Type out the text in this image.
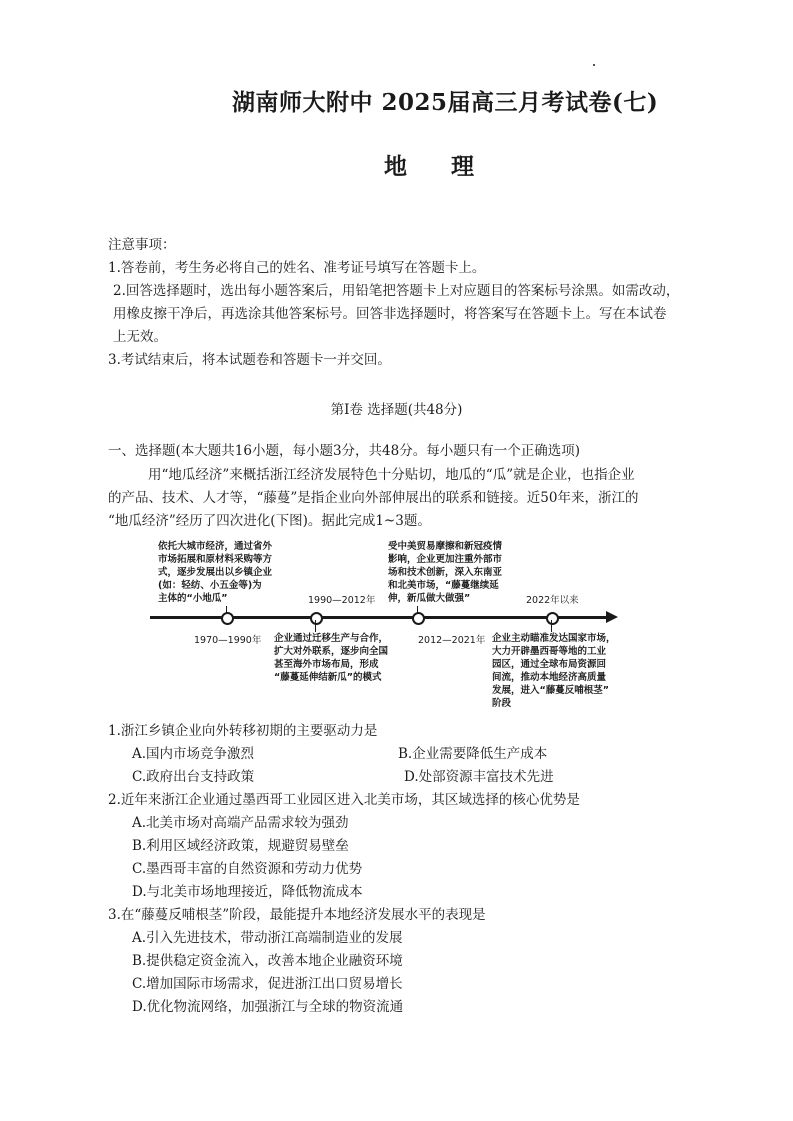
湖南师大附中 2025届高三月考试卷(七)
地理
注意事项：
1.答卷前，考生务必将自己的姓名、准考证号填写在答题卡上。
2.回答选择题时，选出每小题答案后，用铅笔把答题卡上对应题目的答案标号涂黑。如需改动，
用橡皮擦干净后，再选涂其他答案标号。回答非选择题时，将答案写在答题卡上。写在本试卷
上无效。
3.考试结束后，将本试题卷和答题卡一并交回。
第Ⅰ卷 选择题(共48分)
一、选择题(本大题共16小题，每小题3分，共48分。每小题只有一个正确选项)
用“地瓜经济”来概括浙江经济发展特色十分贴切，地瓜的“瓜”就是企业，也指企业
的产品、技术、人才等，“藤蔓”是指企业向外部伸展出的联系和链接。近50年来，浙江的
“地瓜经济”经历了四次进化(下图)。据此完成1~3题。
依托大城市经济，通过省外
市场拓展和原材料采购等方
式，逐步发展出以乡镇企业
(如：轻纺、小五金等)为
主体的“小地瓜”
1970—1990年
1990—2012年
企业通过迁移生产与合作，
扩大对外联系，逐步向全国
甚至海外市场布局，形成
“藤蔓延伸结新瓜”的模式
受中美贸易摩擦和新冠疫情
影响，企业更加注重外部市
场和技术创新，深入东南亚
和北美市场，“藤蔓继续延
伸，新瓜做大做强”
2012—2021年
2022年以来
企业主动瞄准发达国家市场，
大力开辟墨西哥等地的工业
园区，通过全球布局资源回
间流，推动本地经济高质量
发展，进入“藤蔓反哺根茎”
阶段
1.浙江乡镇企业向外转移初期的主要驱动力是
A.国内市场竞争激烈	B.企业需要降低生产成本
C.政府出台支持政策	D.处部资源丰富技术先进
2.近年来浙江企业通过墨西哥工业园区进入北美市场，其区域选择的核心优势是
A.北美市场对高端产品需求较为强劲
B.利用区域经济政策，规避贸易壁垒
C.墨西哥丰富的自然资源和劳动力优势
D.与北美市场地理接近，降低物流成本
3.在“藤蔓反哺根茎”阶段，最能提升本地经济发展水平的表现是
A.引入先进技术，带动浙江高端制造业的发展
B.提供稳定资金流入，改善本地企业融资环境
C.增加国际市场需求，促进浙江出口贸易增长
D.优化物流网络，加强浙江与全球的物资流通
